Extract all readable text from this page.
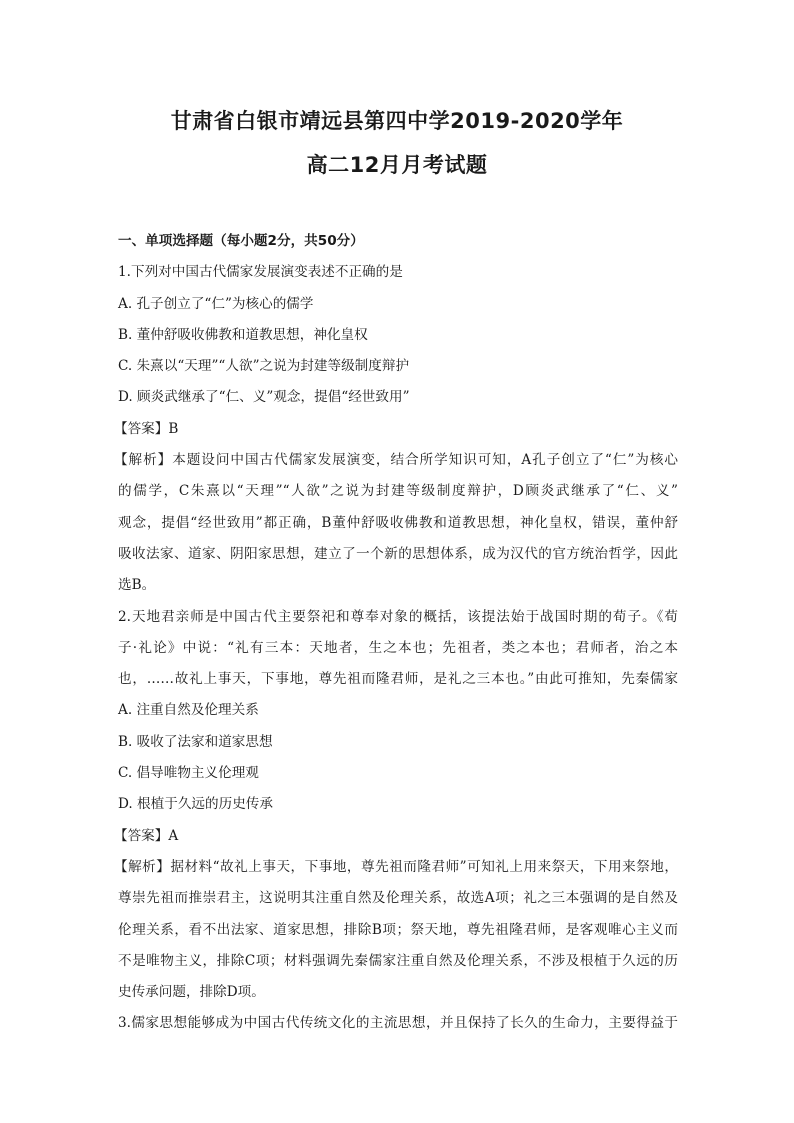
甘肃省白银市靖远县第四中学2019-2020学年
高二12月月考试题

一、单项选择题（每小题2分，共50分）

1.下列对中国古代儒家发展演变表述不正确的是

A. 孔子创立了“仁”为核心的儒学

B. 董仲舒吸收佛教和道教思想，神化皇权

C. 朱熹以“天理”“人欲”之说为封建等级制度辩护

D. 顾炎武继承了“仁、义”观念，提倡“经世致用”

【答案】B

【解析】本题设问中国古代儒家发展演变，结合所学知识可知，A孔子创立了“仁”为核心

的儒学，C朱熹以“天理”“人欲”之说为封建等级制度辩护，D顾炎武继承了“仁、义”

观念，提倡“经世致用”都正确，B董仲舒吸收佛教和道教思想，神化皇权，错误，董仲舒

吸收法家、道家、阴阳家思想，建立了一个新的思想体系，成为汉代的官方统治哲学，因此

选B。

2.天地君亲师是中国古代主要祭祀和尊奉对象的概括，该提法始于战国时期的荀子。《荀

子·礼论》中说：“礼有三本：天地者，生之本也；先祖者，类之本也；君师者，治之本

也，……故礼上事天，下事地，尊先祖而隆君师，是礼之三本也。”由此可推知，先秦儒家

A. 注重自然及伦理关系

B. 吸收了法家和道家思想

C. 倡导唯物主义伦理观

D. 根植于久远的历史传承

【答案】A

【解析】据材料“故礼上事天，下事地，尊先祖而隆君师”可知礼上用来祭天，下用来祭地，

尊崇先祖而推崇君主，这说明其注重自然及伦理关系，故选A项；礼之三本强调的是自然及

伦理关系，看不出法家、道家思想，排除B项；祭天地，尊先祖隆君师，是客观唯心主义而

不是唯物主义，排除C项；材料强调先秦儒家注重自然及伦理关系，不涉及根植于久远的历

史传承问题，排除D项。

3.儒家思想能够成为中国古代传统文化的主流思想，并且保持了长久的生命力，主要得益于
